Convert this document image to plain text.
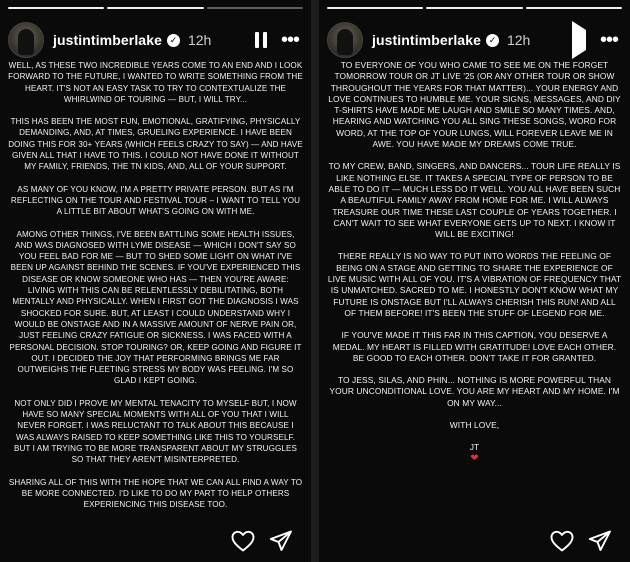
justintimberlake ✓ 12h	•••

WELL, AS THESE TWO INCREDIBLE YEARS COME TO AN END AND I LOOK FORWARD TO THE FUTURE, I WANTED TO WRITE SOMETHING FROM THE HEART. IT'S NOT AN EASY TASK TO TRY TO CONTEXTUALIZE THE WHIRLWIND OF TOURING — BUT, I WILL TRY...

THIS HAS BEEN THE MOST FUN, EMOTIONAL, GRATIFYING, PHYSICALLY DEMANDING, AND, AT TIMES, GRUELING EXPERIENCE. I HAVE BEEN DOING THIS FOR 30+ YEARS (WHICH FEELS CRAZY TO SAY) — AND HAVE GIVEN ALL THAT I HAVE TO THIS. I COULD NOT HAVE DONE IT WITHOUT MY FAMILY, FRIENDS, THE TN KIDS, AND, ALL OF YOUR SUPPORT.

AS MANY OF YOU KNOW, I'M A PRETTY PRIVATE PERSON. BUT AS I'M REFLECTING ON THE TOUR AND FESTIVAL TOUR – I WANT TO TELL YOU A LITTLE BIT ABOUT WHAT'S GOING ON WITH ME.

AMONG OTHER THINGS, I'VE BEEN BATTLING SOME HEALTH ISSUES, AND WAS DIAGNOSED WITH LYME DISEASE — WHICH I DON'T SAY SO YOU FEEL BAD FOR ME — BUT TO SHED SOME LIGHT ON WHAT I'VE BEEN UP AGAINST BEHIND THE SCENES. IF YOU'VE EXPERIENCED THIS DISEASE OR KNOW SOMEONE WHO HAS — THEN YOU'RE AWARE: LIVING WITH THIS CAN BE RELENTLESSLY DEBILITATING, BOTH MENTALLY AND PHYSICALLY. WHEN I FIRST GOT THE DIAGNOSIS I WAS SHOCKED FOR SURE. BUT, AT LEAST I COULD UNDERSTAND WHY I WOULD BE ONSTAGE AND IN A MASSIVE AMOUNT OF NERVE PAIN OR, JUST FEELING CRAZY FATIGUE OR SICKNESS. I WAS FACED WITH A PERSONAL DECISION. STOP TOURING? OR, KEEP GOING AND FIGURE IT OUT. I DECIDED THE JOY THAT PERFORMING BRINGS ME FAR OUTWEIGHS THE FLEETING STRESS MY BODY WAS FEELING. I'M SO GLAD I KEPT GOING.

NOT ONLY DID I PROVE MY MENTAL TENACITY TO MYSELF BUT, I NOW HAVE SO MANY SPECIAL MOMENTS WITH ALL OF YOU THAT I WILL NEVER FORGET. I WAS RELUCTANT TO TALK ABOUT THIS BECAUSE I WAS ALWAYS RAISED TO KEEP SOMETHING LIKE THIS TO YOURSELF. BUT I AM TRYING TO BE MORE TRANSPARENT ABOUT MY STRUGGLES SO THAT THEY AREN'T MISINTERPRETED.

SHARING ALL OF THIS WITH THE HOPE THAT WE CAN ALL FIND A WAY TO BE MORE CONNECTED. I'D LIKE TO DO MY PART TO HELP OTHERS EXPERIENCING THIS DISEASE TOO.

justintimberlake ✓ 12h	•••

TO EVERYONE OF YOU WHO CAME TO SEE ME ON THE FORGET TOMORROW TOUR OR JT LIVE '25 (OR ANY OTHER TOUR OR SHOW THROUGHOUT THE YEARS FOR THAT MATTER)... YOUR ENERGY AND LOVE CONTINUES TO HUMBLE ME. YOUR SIGNS, MESSAGES, AND DIY T-SHIRTS HAVE MADE ME LAUGH AND SMILE SO MANY TIMES. AND, HEARING AND WATCHING YOU ALL SING THESE SONGS, WORD FOR WORD, AT THE TOP OF YOUR LUNGS, WILL FOREVER LEAVE ME IN AWE. YOU HAVE MADE MY DREAMS COME TRUE.

TO MY CREW, BAND, SINGERS, AND DANCERS... TOUR LIFE REALLY IS LIKE NOTHING ELSE. IT TAKES A SPECIAL TYPE OF PERSON TO BE ABLE TO DO IT — MUCH LESS DO IT WELL. YOU ALL HAVE BEEN SUCH A BEAUTIFUL FAMILY AWAY FROM HOME FOR ME. I WILL ALWAYS TREASURE OUR TIME THESE LAST COUPLE OF YEARS TOGETHER. I CAN'T WAIT TO SEE WHAT EVERYONE GETS UP TO NEXT. I KNOW IT WILL BE EXCITING!

THERE REALLY IS NO WAY TO PUT INTO WORDS THE FEELING OF BEING ON A STAGE AND GETTING TO SHARE THE EXPERIENCE OF LIVE MUSIC WITH ALL OF YOU. IT'S A VIBRATION OF FREQUENCY THAT IS UNMATCHED. SACRED TO ME. I HONESTLY DON'T KNOW WHAT MY FUTURE IS ONSTAGE BUT I'LL ALWAYS CHERISH THIS RUN! AND ALL OF THEM BEFORE! IT'S BEEN THE STUFF OF LEGEND FOR ME.

IF YOU'VE MADE IT THIS FAR IN THIS CAPTION, YOU DESERVE A MEDAL. MY HEART IS FILLED WITH GRATITUDE! LOVE EACH OTHER. BE GOOD TO EACH OTHER. DON'T TAKE IT FOR GRANTED.

TO JESS, SILAS, AND PHIN... NOTHING IS MORE POWERFUL THAN YOUR UNCONDITIONAL LOVE. YOU ARE MY HEART AND MY HOME. I'M ON MY WAY...

WITH LOVE,

JT
❤
